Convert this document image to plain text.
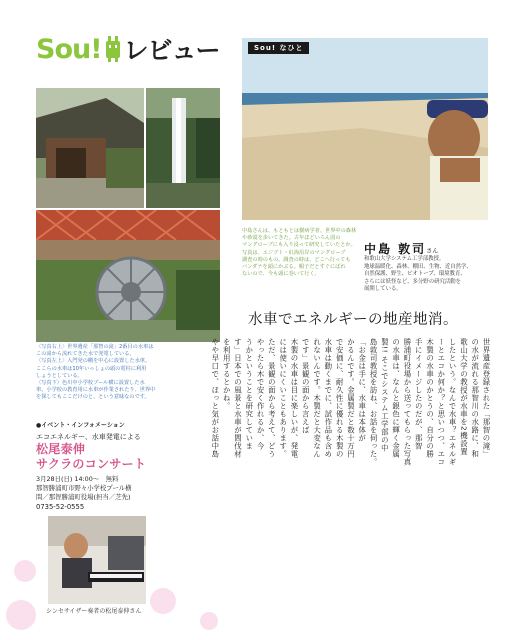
Sou! レビュー
中島さんは、もともとは樹病学者。世界中の森林や砂漠を歩いてきた。古年ほどいろん国の
マングローブにも入り浸って研究していたとか。
写真は、エジプト・紅海沿岸のマングローブ
調査の時のもの。調査の時は、どこへ行っても
バンダナを頭にかぶる。帽子だとすぐにばれ
ないので、今も頭に巻いて行く。
Sou! なひと
中島 敦司さん
和歌山大学システム工学部教授。
地球温暖化、森林、棚田、生物、近自然学、
自然保護、野生、ビオトープ、環境教育、
さらには妖怪など、多分野の研究活動を
展開している。
水車でエネルギーの地産地消。
〈写真右上〉世界遺産「那智の滝」2番目の水車は
この滝から流れてきた水で発電している。
〈写真左上〉入門発の棚を中心に設置した水車。
ここらの水車は10年いっしょの頭の電柱に利用
しょうとしている。
〈写真下〉色川中小学校プール横に設置した水
車。小学校の教育用に水車が作業されたり、世界中
を探してもここだけのと、という意味なのです。
●イベント・インフォメーション
エコエネルギー、水車発電による
松尾泰伸
サクラのコンサート
3月28日(日) 14:00〜　無料
那智勝浦町市野々小学校プール横
問／那智勝浦町役場(担当／芝先)
0735-52-0555
シンセサイザー奏者の松尾泰伸さん
世界遺産登録された「那智の滝」
の水が流れる那智川の水路に、和
歌山大学の教授が水車を2機設置
したという。なんで水車？エネルギ
ーとエコか何か？と思いつつ、エコ
木製の水車のかとうの、自分の勝
手にイメージしたのだが、那智
勝浦町役場から送ってもらった写真
の水車は、なんと銀色に輝く金属
製!! そこでシステム工学部の中
島敦司教授を訪ね、お話を伺った。
「お金は手に、水車は本体が
かるんです。金属製だと数十万円
で安価に、耐久性に優れる木製の
水車は動くまでに、試作品も含め
れないんです。木製だと大変なん
です」景観の面から言えば
木製の水車は目に楽しいが、発電
には使いにくいこともあります。
ただ、景観の面から考えて、どう
やったら木で安く作れるか、今
うかということを研究していま
す」日本での風景と水車が間伐材
を利用するとかね。
やや早口で、ほっと気がお話中島
